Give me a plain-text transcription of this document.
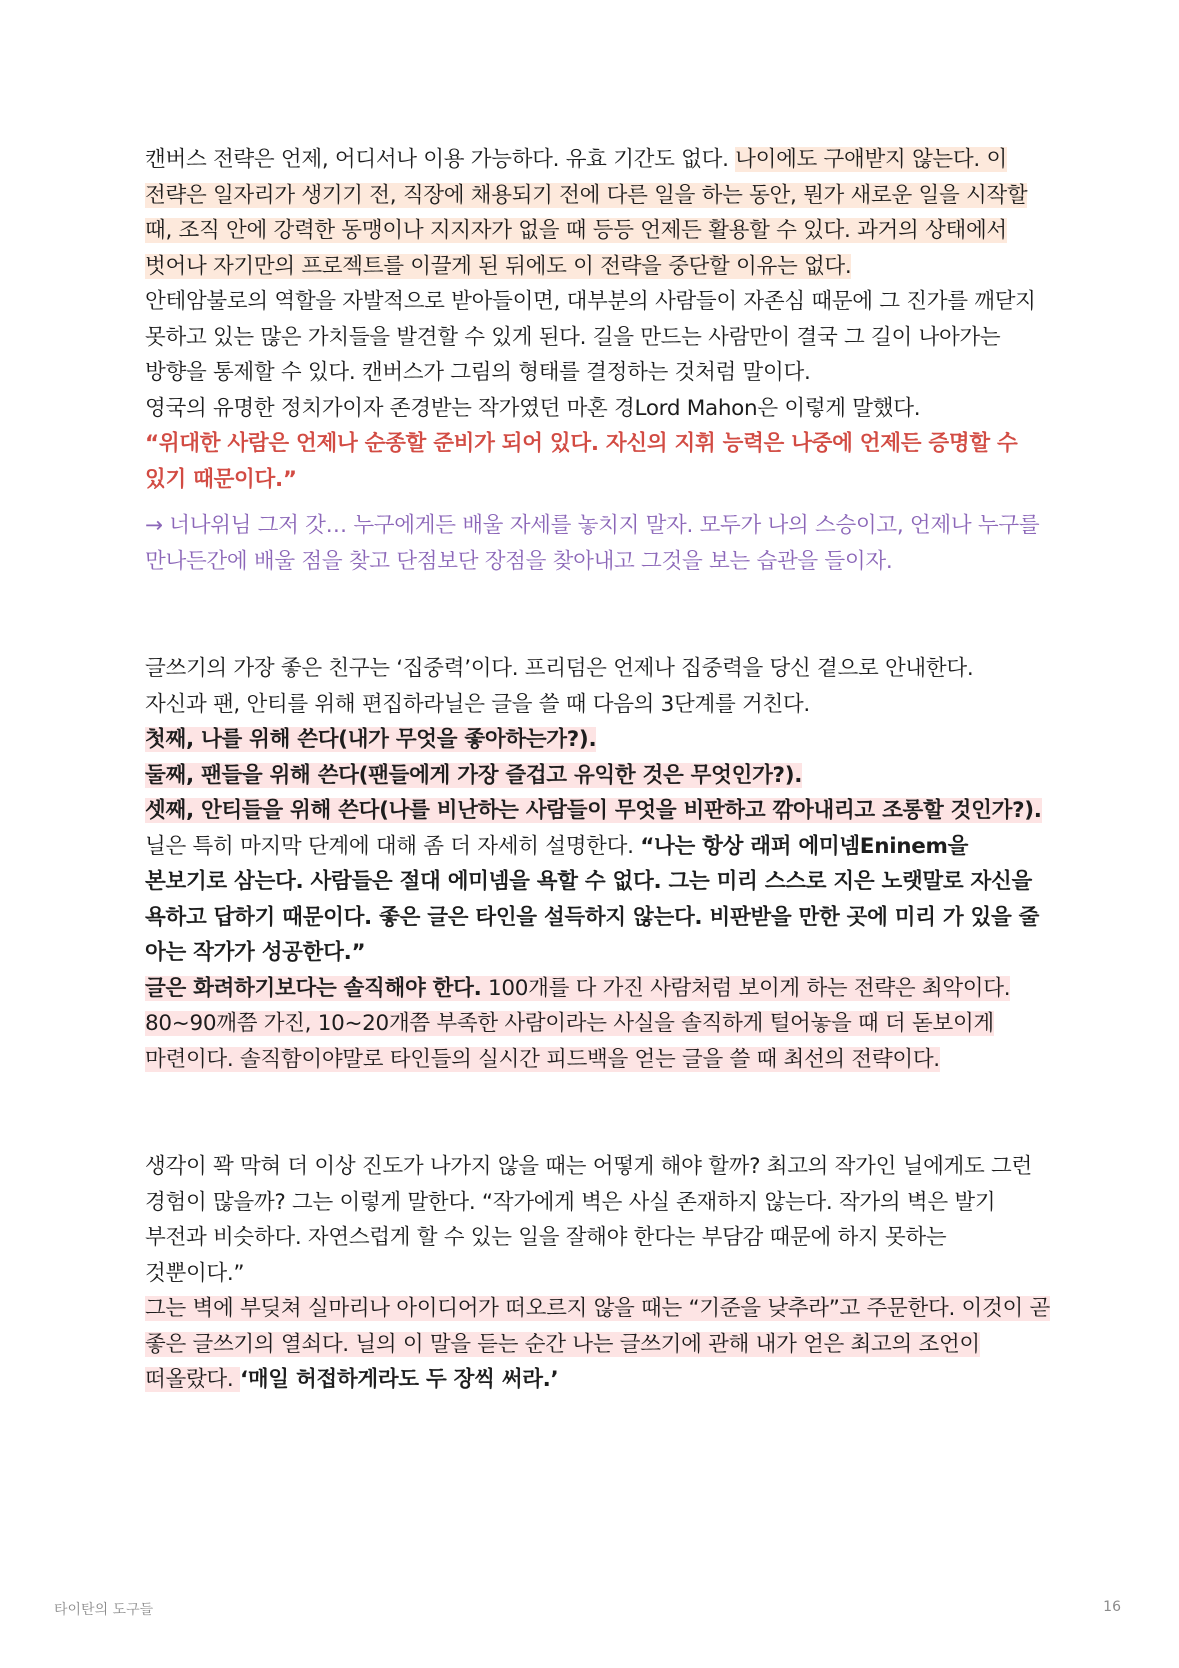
캔버스 전략은 언제, 어디서나 이용 가능하다. 유효 기간도 없다. 나이에도 구애받지 않는다. 이 전략은 일자리가 생기기 전, 직장에 채용되기 전에 다른 일을 하는 동안, 뭔가 새로운 일을 시작할 때, 조직 안에 강력한 동맹이나 지지자가 없을 때 등등 언제든 활용할 수 있다. 과거의 상태에서 벗어나 자기만의 프로젝트를 이끌게 된 뒤에도 이 전략을 중단할 이유는 없다.

안테암불로의 역할을 자발적으로 받아들이면, 대부분의 사람들이 자존심 때문에 그 진가를 깨닫지 못하고 있는 많은 가치들을 발견할 수 있게 된다. 길을 만드는 사람만이 결국 그 길이 나아가는 방향을 통제할 수 있다. 캔버스가 그림의 형태를 결정하는 것처럼 말이다.

영국의 유명한 정치가이자 존경받는 작가였던 마혼 경Lord Mahon은 이렇게 말했다.

“위대한 사람은 언제나 순종할 준비가 되어 있다. 자신의 지휘 능력은 나중에 언제든 증명할 수 있기 때문이다.”

→ 너나위님 그저 갓… 누구에게든 배울 자세를 놓치지 말자. 모두가 나의 스승이고, 언제나 누구를 만나든간에 배울 점을 찾고 단점보단 장점을 찾아내고 그것을 보는 습관을 들이자.

글쓰기의 가장 좋은 친구는 ‘집중력’이다. 프리덤은 언제나 집중력을 당신 곁으로 안내한다.

자신과 팬, 안티를 위해 편집하라닐은 글을 쓸 때 다음의 3단계를 거친다.

첫째, 나를 위해 쓴다(내가 무엇을 좋아하는가?).

둘째, 팬들을 위해 쓴다(팬들에게 가장 즐겁고 유익한 것은 무엇인가?).

셋째, 안티들을 위해 쓴다(나를 비난하는 사람들이 무엇을 비판하고 깎아내리고 조롱할 것인가?).

닐은 특히 마지막 단계에 대해 좀 더 자세히 설명한다. “나는 항상 래퍼 에미넴Eninem을 본보기로 삼는다. 사람들은 절대 에미넴을 욕할 수 없다. 그는 미리 스스로 지은 노랫말로 자신을 욕하고 답하기 때문이다. 좋은 글은 타인을 설득하지 않는다. 비판받을 만한 곳에 미리 가 있을 줄 아는 작가가 성공한다.”

글은 화려하기보다는 솔직해야 한다. 100개를 다 가진 사람처럼 보이게 하는 전략은 최악이다. 80~90깨쯤 가진, 10~20개쯤 부족한 사람이라는 사실을 솔직하게 털어놓을 때 더 돋보이게 마련이다. 솔직함이야말로 타인들의 실시간 피드백을 얻는 글을 쓸 때 최선의 전략이다.

생각이 꽉 막혀 더 이상 진도가 나가지 않을 때는 어떻게 해야 할까? 최고의 작가인 닐에게도 그런 경험이 많을까? 그는 이렇게 말한다. “작가에게 벽은 사실 존재하지 않는다. 작가의 벽은 발기 부전과 비슷하다. 자연스럽게 할 수 있는 일을 잘해야 한다는 부담감 때문에 하지 못하는 것뿐이다.”

그는 벽에 부딪쳐 실마리나 아이디어가 떠오르지 않을 때는 “기준을 낮추라”고 주문한다. 이것이 곧 좋은 글쓰기의 열쇠다. 닐의 이 말을 듣는 순간 나는 글쓰기에 관해 내가 얻은 최고의 조언이 떠올랐다. ‘매일 허접하게라도 두 장씩 써라.’

타이탄의 도구들	16
